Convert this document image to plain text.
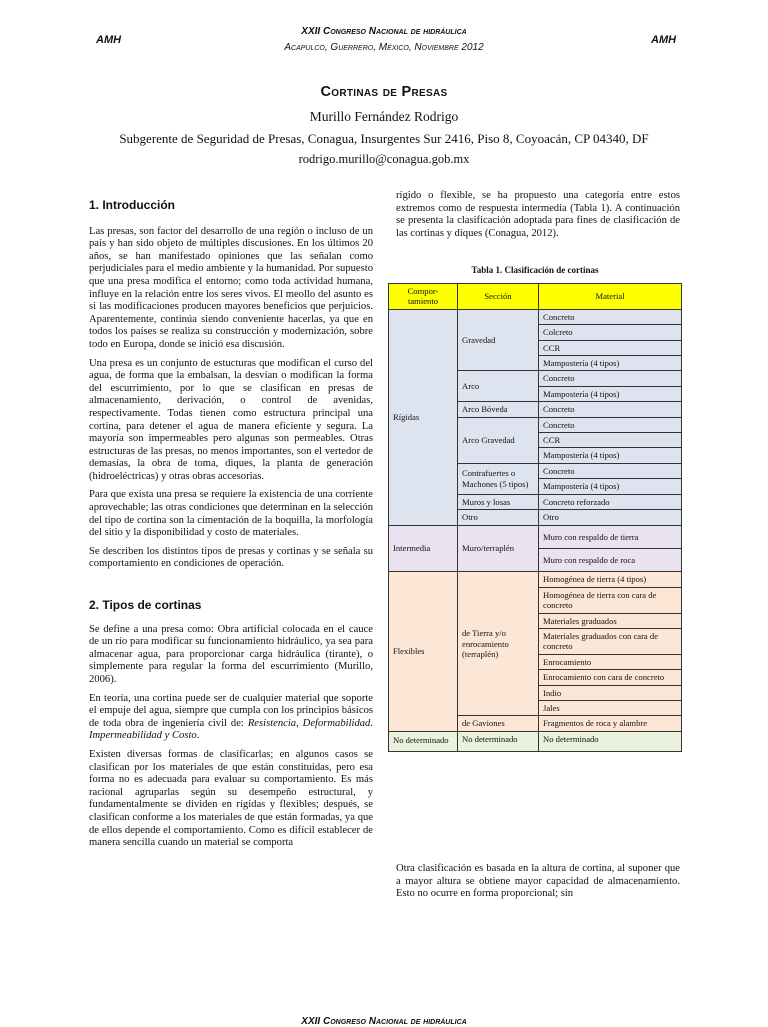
AMH	AMH
XXII Congreso Nacional de hidráulica
Acapulco, Guerrero, México, Noviembre 2012
Cortinas de Presas
Murillo Fernández Rodrigo
Subgerente de Seguridad de Presas, Conagua, Insurgentes Sur 2416, Piso 8, Coyoacán, CP 04340, DF
rodrigo.murillo@conagua.gob.mx

1. Introducción

Las presas, son factor del desarrollo de una región o incluso de un país y han sido objeto de múltiples discusiones. En los últimos 20 años, se han manifestado opiniones que las señalan como perjudiciales para el medio ambiente y la humanidad. Por supuesto que una presa modifica el entorno; como toda actividad humana, influye en la relación entre los seres vivos. El meollo del asunto es si las modificaciones producen mayores beneficios que perjuicios. Aparentemente, continúa siendo conveniente hacerlas, ya que en todos los países se realiza su construcción y modernización, sobre todo en Europa, donde se inició esa discusión.

Una presa es un conjunto de estucturas que modifican el curso del agua, de forma que la embalsan, la desvían o modifican la forma del escurrimiento, por lo que se clasifican en presas de almacenamiento, derivación, o control de avenidas, respectivamente. Todas tienen como estructura principal una cortina, para detener el agua de manera eficiente y segura. La mayoría son impermeables pero algunas son permeables. Otras estructuras de las presas, no menos importantes, son el vertedor de demasías, la obra de toma, diques, la planta de generación (hidroeléctricas) y otras obras accesorias.

Para que exista una presa se requiere la existencia de una corriente aprovechable; las otras condiciones que determinan en la selección del tipo de cortina son la cimentación de la boquilla, la morfología del sitio y la disponibilidad y costo de materiales.

Se describen los distintos tipos de presas y cortinas y se señala su comportamiento en condiciones de operación.

2. Tipos de cortinas

Se define a una presa como: Obra artificial colocada en el cauce de un río para modificar su funcionamiento hidráulico, ya sea para almacenar agua, para proporcionar carga hidráulica (tirante), o simplemente para regular la forma del escurrimiento (Murillo, 2006).

En teoría, una cortina puede ser de cualquier material que soporte el empuje del agua, siempre que cumpla con los principios básicos de toda obra de ingeniería civil de: Resistencia, Deformabilidad. Impermeabilidad y Costo.

Existen diversas formas de clasificarlas; en algunos casos se clasifican por los materiales de que están constituidas, pero esa forma no es adecuada para evaluar su comportamiento. Es más racional agruparlas según su desempeño estructural, y fundamentalmente se dividen en rígidas y flexibles; después, se clasifican conforme a los materiales de que están formadas, ya que de ellos depende el comportamiento. Como es difícil establecer de manera sencilla cuando un material se comporta

rígido o flexible, se ha propuesto una categoría entre estos extremos como de respuesta intermedia (Tabla 1). A continuación se presenta la clasificación adoptada para fines de clasificación de las cortinas y diques (Conagua, 2012).

Tabla 1. Clasificación de cortinas
Compor-tamiento	Sección	Material
Rígidas	Gravedad	Concreto
		Colcreto
		CCR
		Mampostería (4 tipos)
	Arco	Concreto
		Mampostería (4 tipos)
	Arco Bóveda	Concreto
	Arco Gravedad	Concreto
		CCR
		Mampostería (4 tipos)
	Contrafuertes o Machones (5 tipos)	Concreto
		Mampostería (4 tipos)
	Muros y losas	Concreto reforzado
	Otro	Otro
Intermedia	Muro/terraplén	Muro con respaldo de tierra
		Muro con respaldo de roca
Flexibles	de Tierra y/o enrocamiento (terraplén)	Homogénea de tierra (4 tipos)
		Homogénea de tierra con cara de concreto
		Materiales graduados
		Materiales graduados con cara de concreto
		Enrocamiento
		Enrocamiento con cara de concreto
		Indio
		Jales
	de Gaviones	Fragmentos de roca y alambre
No determinado	No determinado	No determinado

Otra clasificación es basada en la altura de cortina, al suponer que a mayor altura se obtiene mayor capacidad de almacenamiento. Esto no ocurre en forma proporcional; sin

XXII Congreso Nacional de hidráulica
